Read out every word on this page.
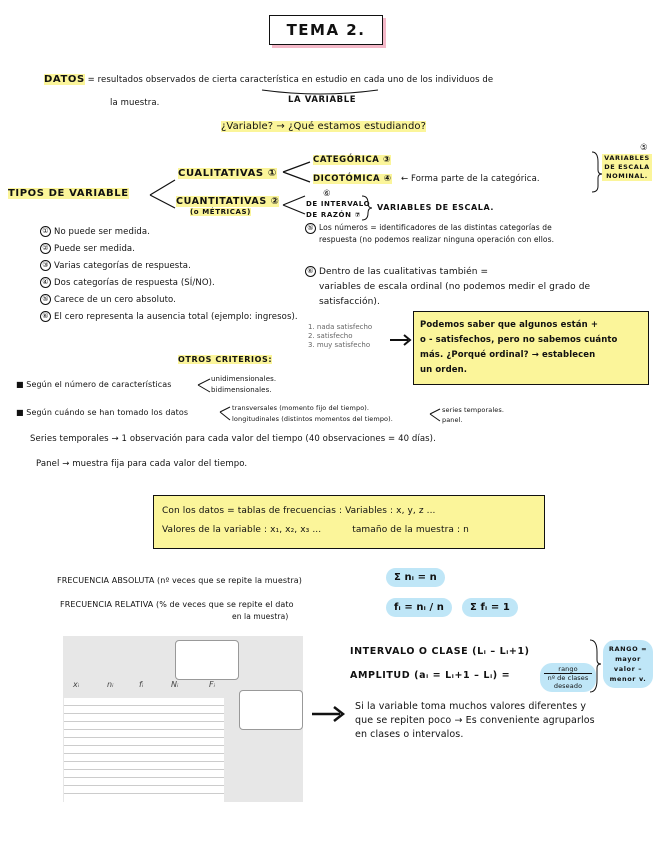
TEMA 2.
DATOS = resultados observados de cierta característica en estudio en cada uno de los individuos de
la muestra.	LA VARIABLE
¿Variable? → ¿Qué estamos estudiando?
TIPOS DE VARIABLE
CUALITATIVAS ①
CUANTITATIVAS ②
(o MÉTRICAS)
CATEGÓRICA ③
DICOTÓMICA ④ ← Forma parte de la categórica.
⑤
VARIABLES DE ESCALA NOMINAL.
⑥
DE INTERVALO
DE RAZÓN ⑦
VARIABLES DE ESCALA.
① No puede ser medida.
② Puede ser medida.
③ Varias categorías de respuesta.
④ Dos categorías de respuesta (SÍ/NO).
⑤ Carece de un cero absoluto.
⑥ El cero representa la ausencia total (ejemplo: ingresos).
⑤ Los números = identificadores de las distintas categorías de
respuesta (no podemos realizar ninguna operación con ellos.
⑥ Dentro de las cualitativas también =
variables de escala ordinal (no podemos medir el grado de
satisfacción).
1. nada satisfecho
2. satisfecho
3. muy satisfecho
Podemos saber que algunos están +
o - satisfechos, pero no sabemos cuánto
más. ¿Porqué ordinal? → establecen
un orden.
OTROS CRITERIOS:
■ Según el número de características
unidimensionales.
bidimensionales.
■ Según cuándo se han tomado los datos	transversales (momento fijo del tiempo).
longitudinales (distintos momentos del tiempo).
series temporales.
panel.
Series temporales → 1 observación para cada valor del tiempo (40 observaciones = 40 días).
Panel → muestra fija para cada valor del tiempo.
Con los datos = tablas de frecuencias : Variables : x, y, z ...
Valores de la variable : x₁, x₂, x₃ ...	tamaño de la muestra : n
FRECUENCIA ABSOLUTA (nº veces que se repite la muestra)
FRECUENCIA RELATIVA (% de veces que se repite el dato
en la muestra)
Σ nᵢ = n
fᵢ = nᵢ / n	Σ fᵢ = 1
xᵢ	nᵢ	fᵢ	Nᵢ	Fᵢ
INTERVALO O CLASE (Lᵢ – Lᵢ+1)
AMPLITUD (aᵢ = Lᵢ+1 – Lᵢ) =
rango
nº de clases deseado
RANGO =
mayor
valor –
menor v.
Si la variable toma muchos valores diferentes y
que se repiten poco → Es conveniente agruparlos
en clases o intervalos.
